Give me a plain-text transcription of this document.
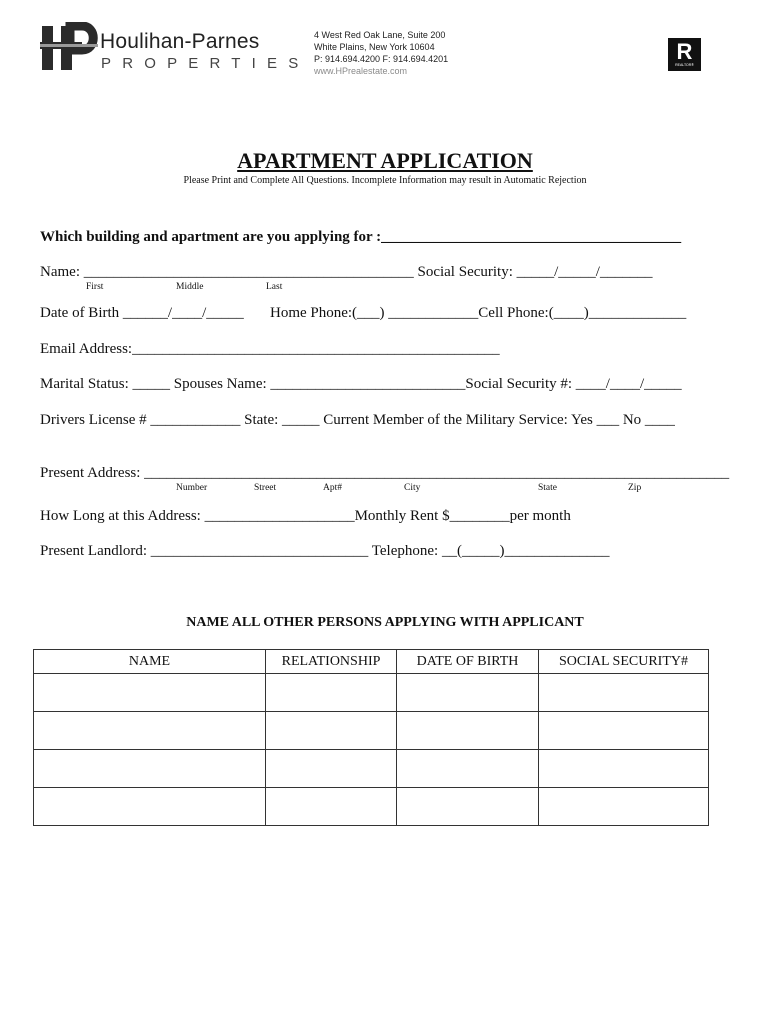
Houlihan-Parnes
PROPERTIES
4 West Red Oak Lane, Suite 200
White Plains, New York 10604
P: 914.694.4200 F: 914.694.4201
www.HPrealestate.com
R
REALTOR®
APARTMENT APPLICATION
Please Print and Complete All Questions. Incomplete Information may result in Automatic Rejection
Which building and apartment are you applying for :________________________________________
Name: ____________________________________________ Social Security: _____/_____/_______
First	Middle	Last
Date of Birth ______/____/_____       Home Phone:(___) ____________Cell Phone:(____)_____________
Email Address:_________________________________________________
Marital Status: _____ Spouses Name: __________________________Social Security #: ____/____/_____
Drivers License # ____________ State: _____ Current Member of the Military Service: Yes ___ No ____
Present Address: ______________________________________________________________________________
Number	Street	Apt#	City	State	Zip
How Long at this Address: ____________________Monthly Rent $________per month
Present Landlord: _____________________________ Telephone: __(_____)______________
NAME ALL OTHER PERSONS APPLYING WITH APPLICANT
NAME	RELATIONSHIP	DATE OF BIRTH	SOCIAL SECURITY#
